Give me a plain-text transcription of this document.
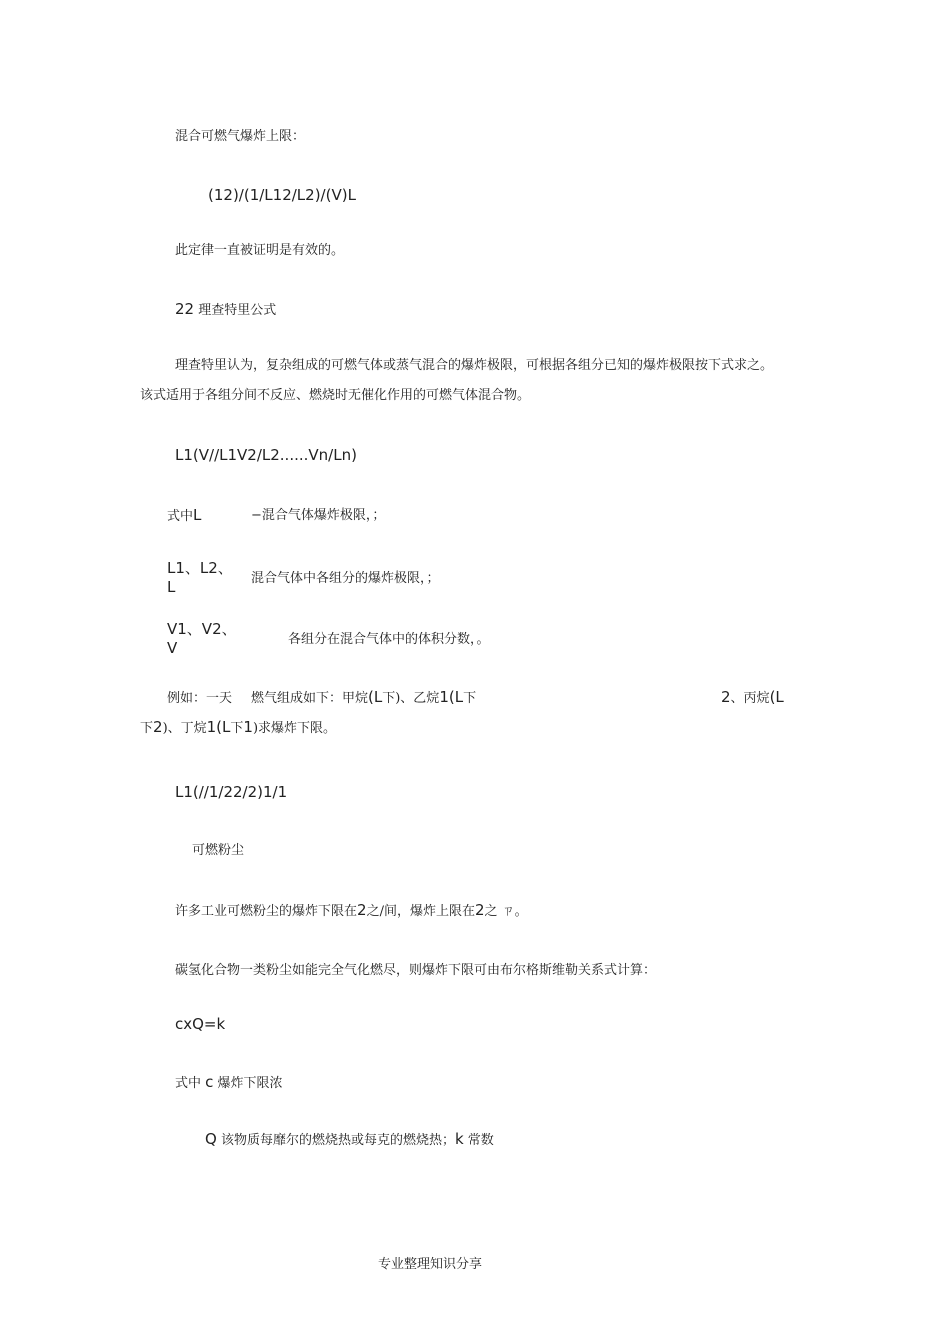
混合可燃气爆炸上限：
(12)/(1/L12/L2)/(V)L
此定律一直被证明是有效的。
22 理查特里公式
理查特里认为，复杂组成的可燃气体或蒸气混合的爆炸极限，可根据各组分已知的爆炸极限按下式求之。
该式适用于各组分间不反应、燃烧时无催化作用的可燃气体混合物。
L1(V//L1V2/L2......Vn/Ln)
式中L	−混合气体爆炸极限，；
L1、L2、
L	混合气体中各组分的爆炸极限，；
V1、V2、
V	各组分在混合气体中的体积分数，。
例如：一天 燃气组成如下：甲烷(L下)、乙烷1(L下	2、丙烷(L
下2)、丁烷1(L下1)求爆炸下限。
L1(//1/22/2)1/1
可燃粉尘
许多工业可燃粉尘的爆炸下限在2之/间，爆炸上限在2之 ㄗ。
碳氢化合物一类粉尘如能完全气化燃尽，则爆炸下限可由布尔格斯维勒关系式计算：
cxQ=k
式中 c 爆炸下限浓
Q 该物质每靡尔的燃烧热或每克的燃烧热；k 常数
专业整理知识分享
